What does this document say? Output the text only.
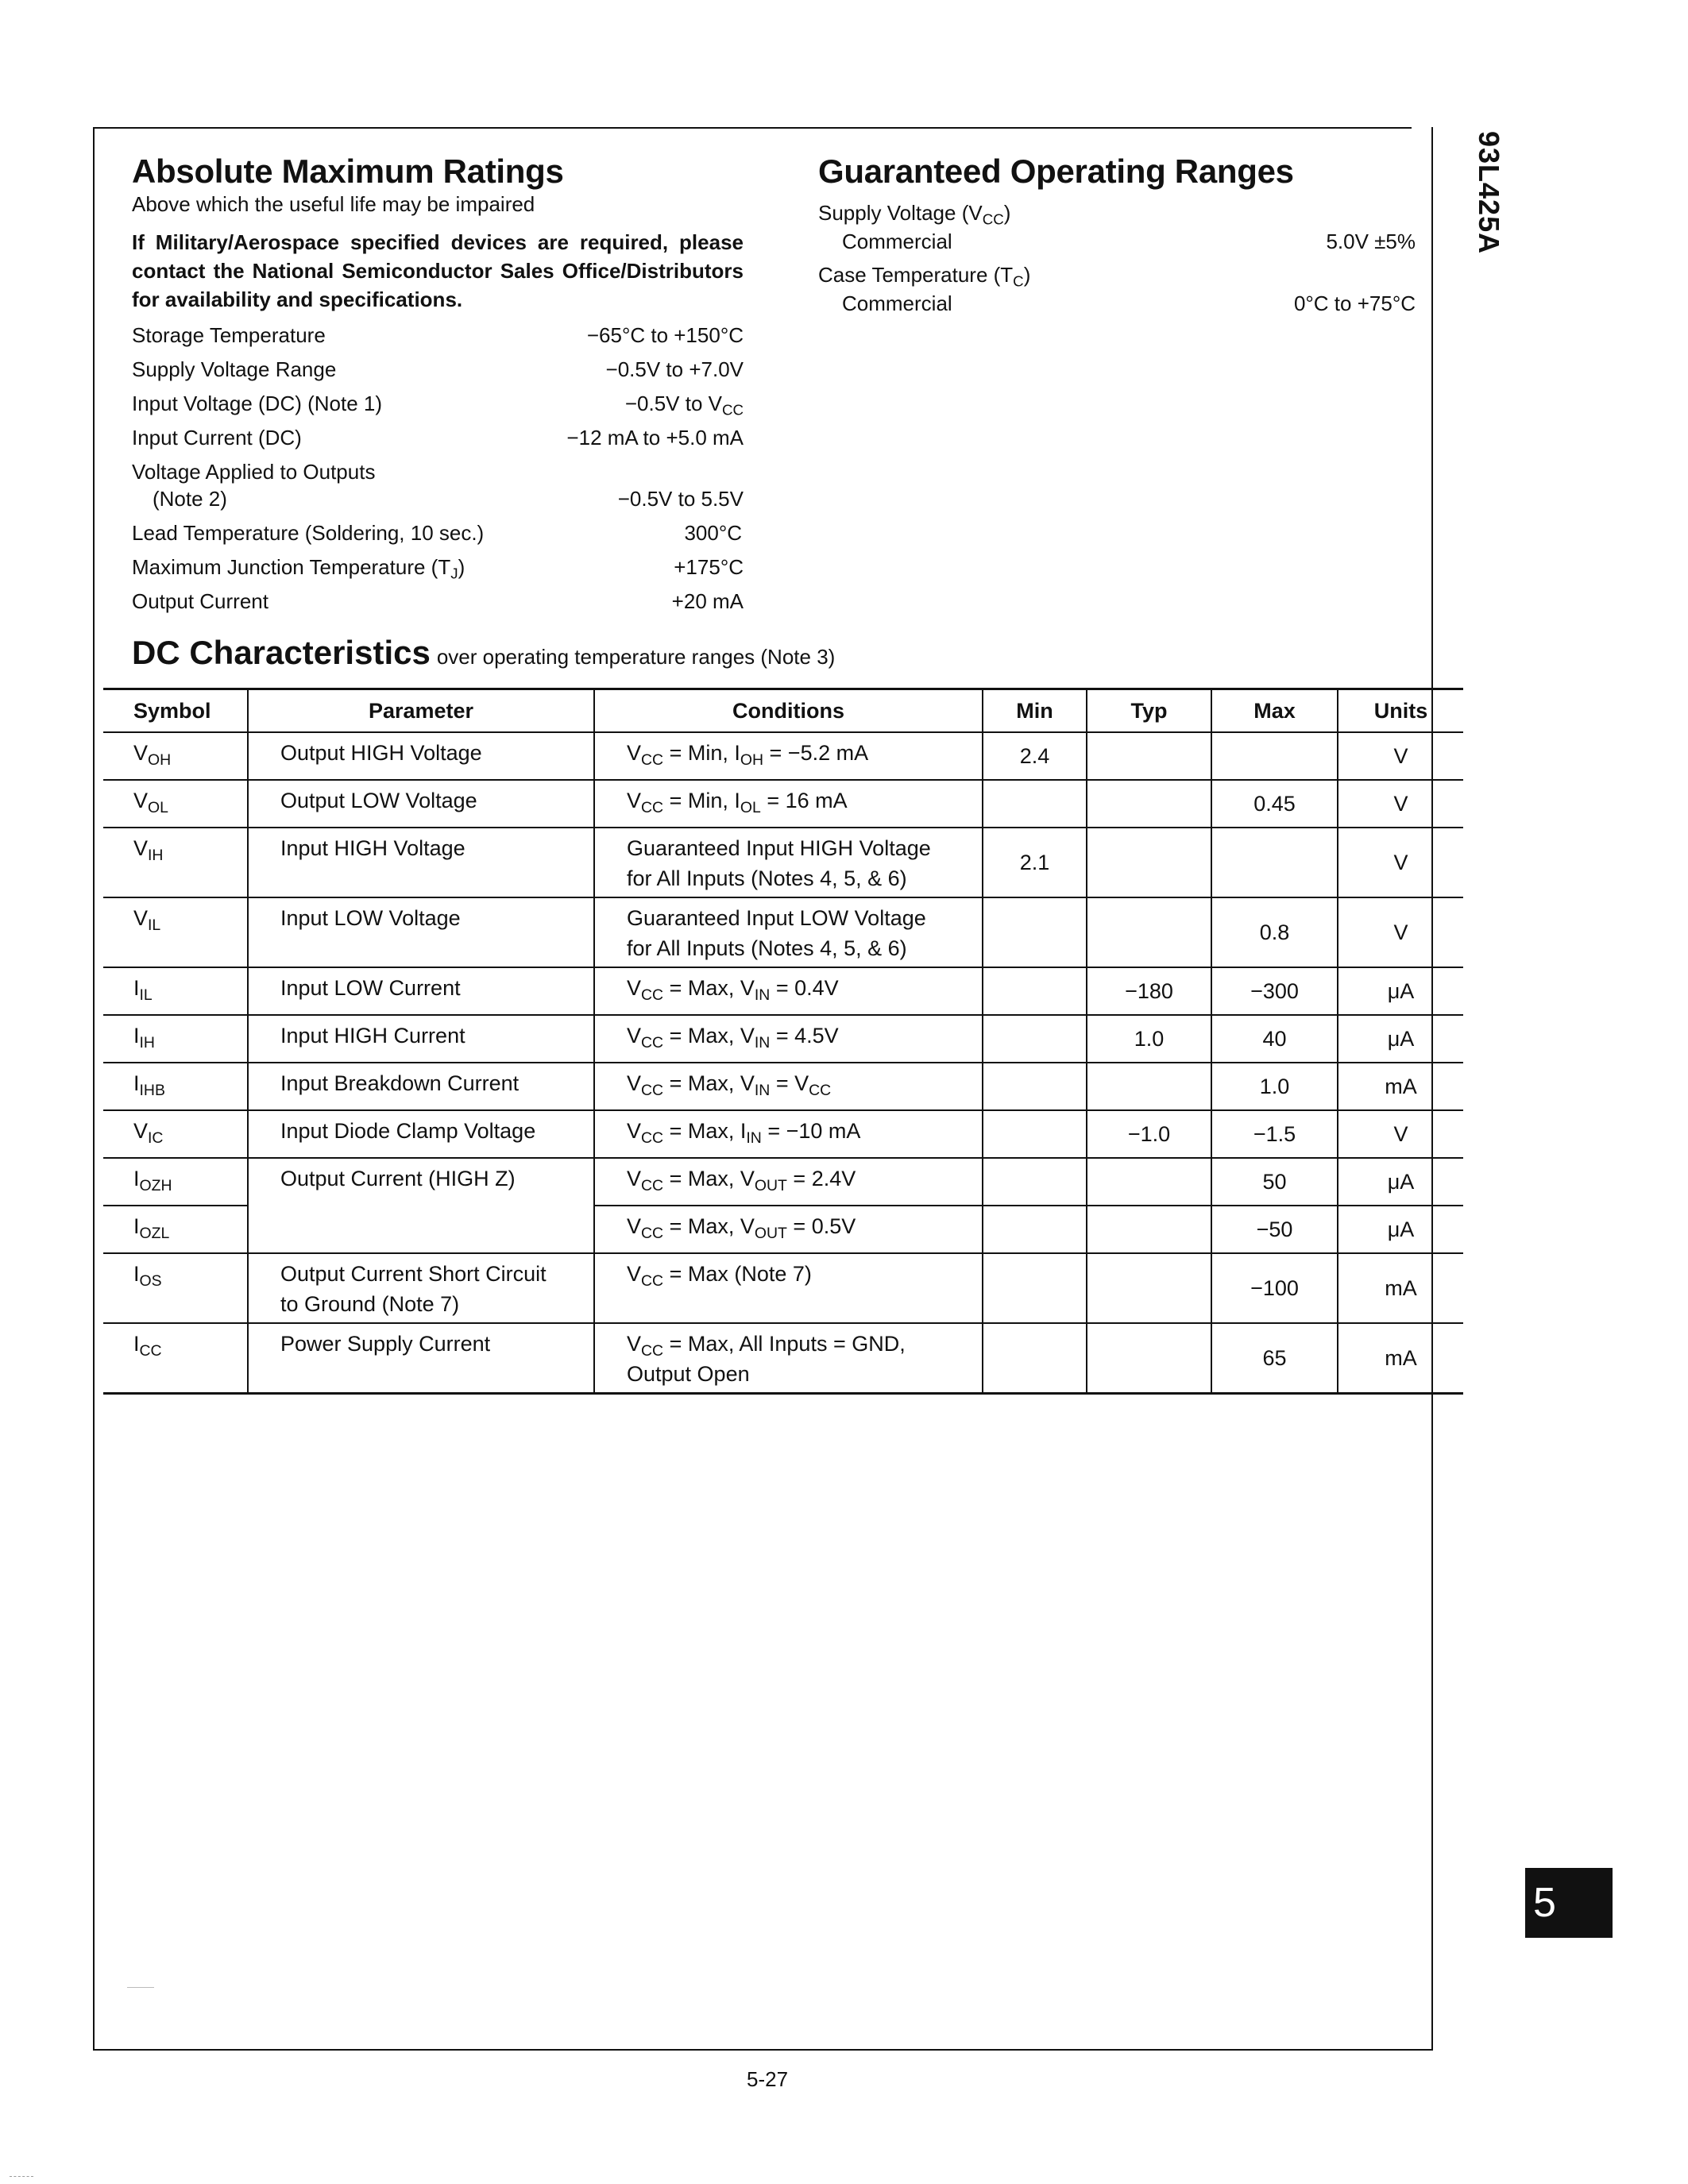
93L425A
Absolute Maximum Ratings
Above which the useful life may be impaired
If Military/Aerospace specified devices are required, please contact the National Semiconductor Sales Office/Distributors for availability and specifications.
Storage Temperature	−65°C to +150°C
Supply Voltage Range	−0.5V to +7.0V
Input Voltage (DC) (Note 1)	−0.5V to $V_{CC}$
Input Current (DC)	−12 mA to +5.0 mA
Voltage Applied to Outputs
(Note 2)	−0.5V to 5.5V
Lead Temperature (Soldering, 10 sec.)	300°C
Maximum Junction Temperature $(T_J)$	+175°C
Output Current	+20 mA
Guaranteed Operating Ranges
Supply Voltage $(V_{CC})$
Commercial	5.0V ±5%
Case Temperature $(T_C)$
Commercial	0°C to +75°C
DC Characteristics over operating temperature ranges (Note 3)
Symbol	Parameter	Conditions	Min	Typ	Max	Units
$V_{OH}$	Output HIGH Voltage	$V_{CC}$ = Min, $I_{OH} = -5.2$ mA	2.4			V
$V_{OL}$	Output LOW Voltage	$V_{CC}$ = Min, $I_{OL} = 16$ mA			0.45	V
$V_{IH}$	Input HIGH Voltage	Guaranteed Input HIGH Voltage
for All Inputs (Notes 4, 5, & 6)	2.1			V
$V_{IL}$	Input LOW Voltage	Guaranteed Input LOW Voltage
for All Inputs (Notes 4, 5, & 6)			0.8	V
$I_{IL}$	Input LOW Current	$V_{CC}$ = Max, $V_{IN} = 0.4V$		−180	−300	μA
$I_{IH}$	Input HIGH Current	$V_{CC}$ = Max, $V_{IN} = 4.5V$		1.0	40	μA
$I_{IHB}$	Input Breakdown Current	$V_{CC}$ = Max, $V_{IN} = V_{CC}$			1.0	mA
$V_{IC}$	Input Diode Clamp Voltage	$V_{CC}$ = Max, $I_{IN} = -10$ mA		−1.0	−1.5	V
$I_{OZH}$	Output Current (HIGH Z)	$V_{CC}$ = Max, $V_{OUT} = 2.4V$			50	μA
$I_{OZL}$		$V_{CC}$ = Max, $V_{OUT} = 0.5V$			−50	μA
$I_{OS}$	Output Current Short Circuit
to Ground (Note 7)	$V_{CC}$ = Max (Note 7)			−100	mA
$I_{CC}$	Power Supply Current	$V_{CC}$ = Max, All Inputs = GND,
Output Open			65	mA
5
5-27
